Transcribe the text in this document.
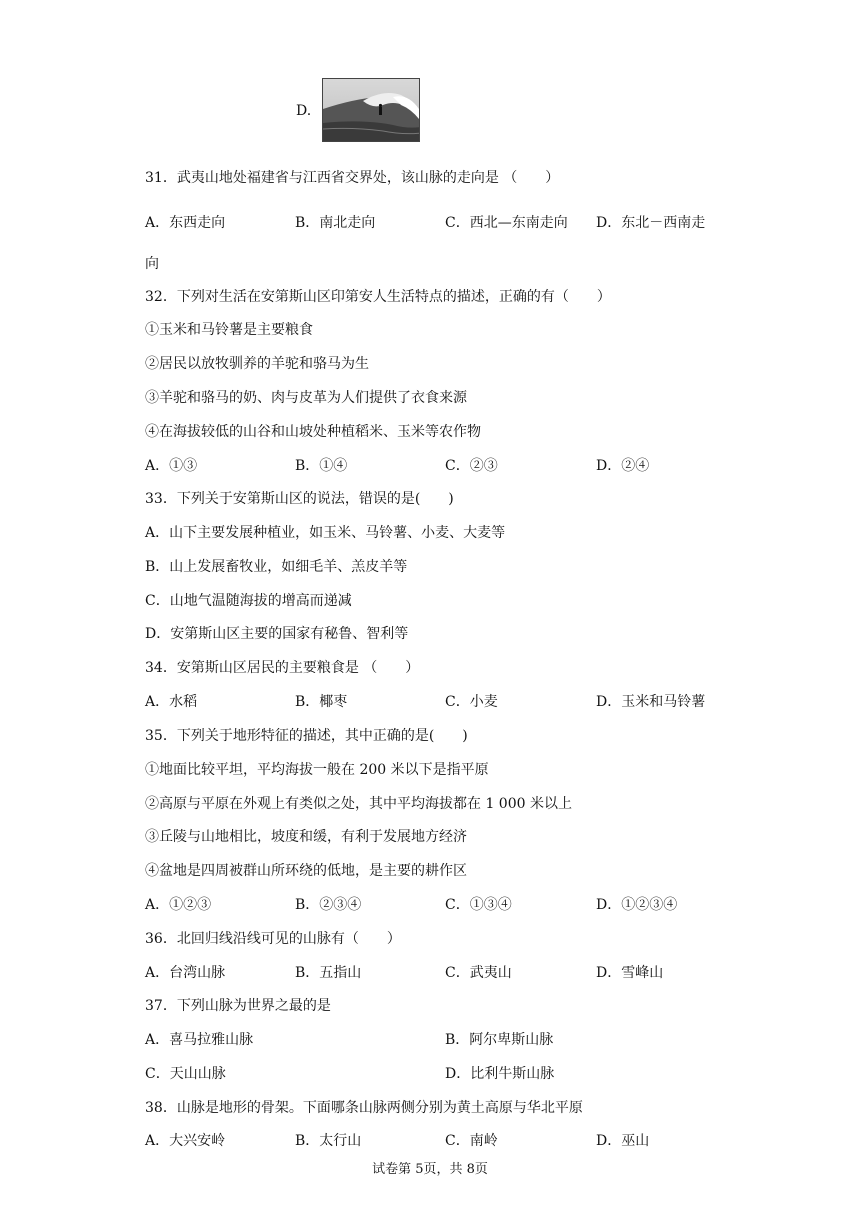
D.
31．武夷山地处福建省与江西省交界处，该山脉的走向是 （　　）
A．东西走向	B．南北走向	C．西北—东南走向 D．东北－西南走
向
32．下列对生活在安第斯山区印第安人生活特点的描述，正确的有（　　）
①玉米和马铃薯是主要粮食
②居民以放牧驯养的羊驼和骆马为生
③羊驼和骆马的奶、肉与皮革为人们提供了衣食来源
④在海拔较低的山谷和山坡处种植稻米、玉米等农作物
A．①③	B．①④	C．②③	D．②④
33．下列关于安第斯山区的说法，错误的是(　　)
A．山下主要发展种植业，如玉米、马铃薯、小麦、大麦等
B．山上发展畜牧业，如细毛羊、羔皮羊等
C．山地气温随海拔的增高而递减
D．安第斯山区主要的国家有秘鲁、智利等
34．安第斯山区居民的主要粮食是 （　　）
A．水稻	B．椰枣	C．小麦	D．玉米和马铃薯
35．下列关于地形特征的描述，其中正确的是(　　)
①地面比较平坦，平均海拔一般在 200 米以下是指平原
②高原与平原在外观上有类似之处，其中平均海拔都在 1 000 米以上
③丘陵与山地相比，坡度和缓，有利于发展地方经济
④盆地是四周被群山所环绕的低地，是主要的耕作区
A．①②③	B．②③④	C．①③④	D．①②③④
36．北回归线沿线可见的山脉有（　　）
A．台湾山脉	B．五指山	C．武夷山	D．雪峰山
37．下列山脉为世界之最的是
A．喜马拉雅山脉	B．阿尔卑斯山脉
C．天山山脉	D．比利牛斯山脉
38．山脉是地形的骨架。下面哪条山脉两侧分别为黄土高原与华北平原
A．大兴安岭	B．太行山	C．南岭	D．巫山
试卷第 5页，共 8页
